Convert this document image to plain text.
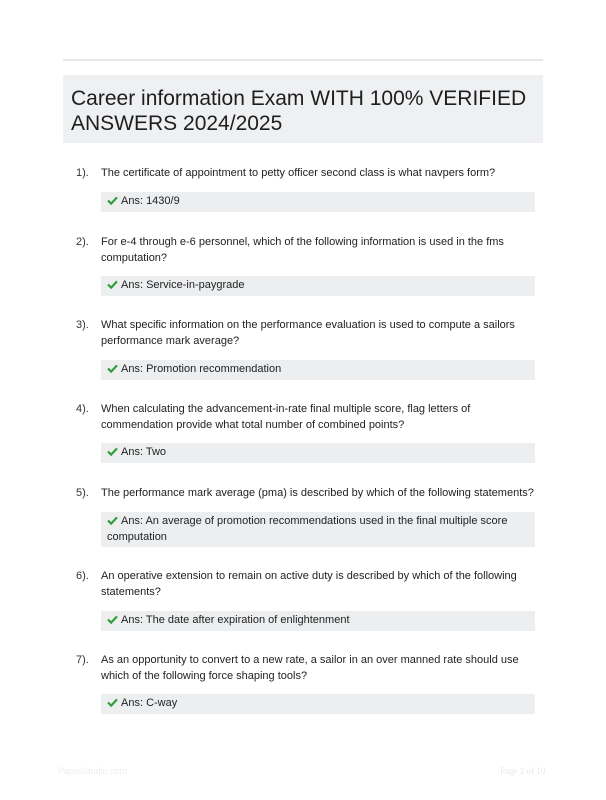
Career information Exam WITH 100% VERIFIED ANSWERS 2024/2025
1). The certificate of appointment to petty officer second class is what navpers form?
Ans: 1430/9
2). For e-4 through e-6 personnel, which of the following information is used in the fms computation?
Ans: Service-in-paygrade
3). What specific information on the performance evaluation is used to compute a sailors performance mark average?
Ans: Promotion recommendation
4). When calculating the advancement-in-rate final multiple score, flag letters of commendation provide what total number of combined points?
Ans: Two
5). The performance mark average (pma) is described by which of the following statements?
Ans: An average of promotion recommendations used in the final multiple score computation
6). An operative extension to remain on active duty is described by which of the following statements?
Ans: The date after expiration of enlightenment
7). As an opportunity to convert to a new rate, a sailor in an over manned rate should use which of the following force shaping tools?
Ans: C-way
PaperStudio.com	Page 1 of 10
